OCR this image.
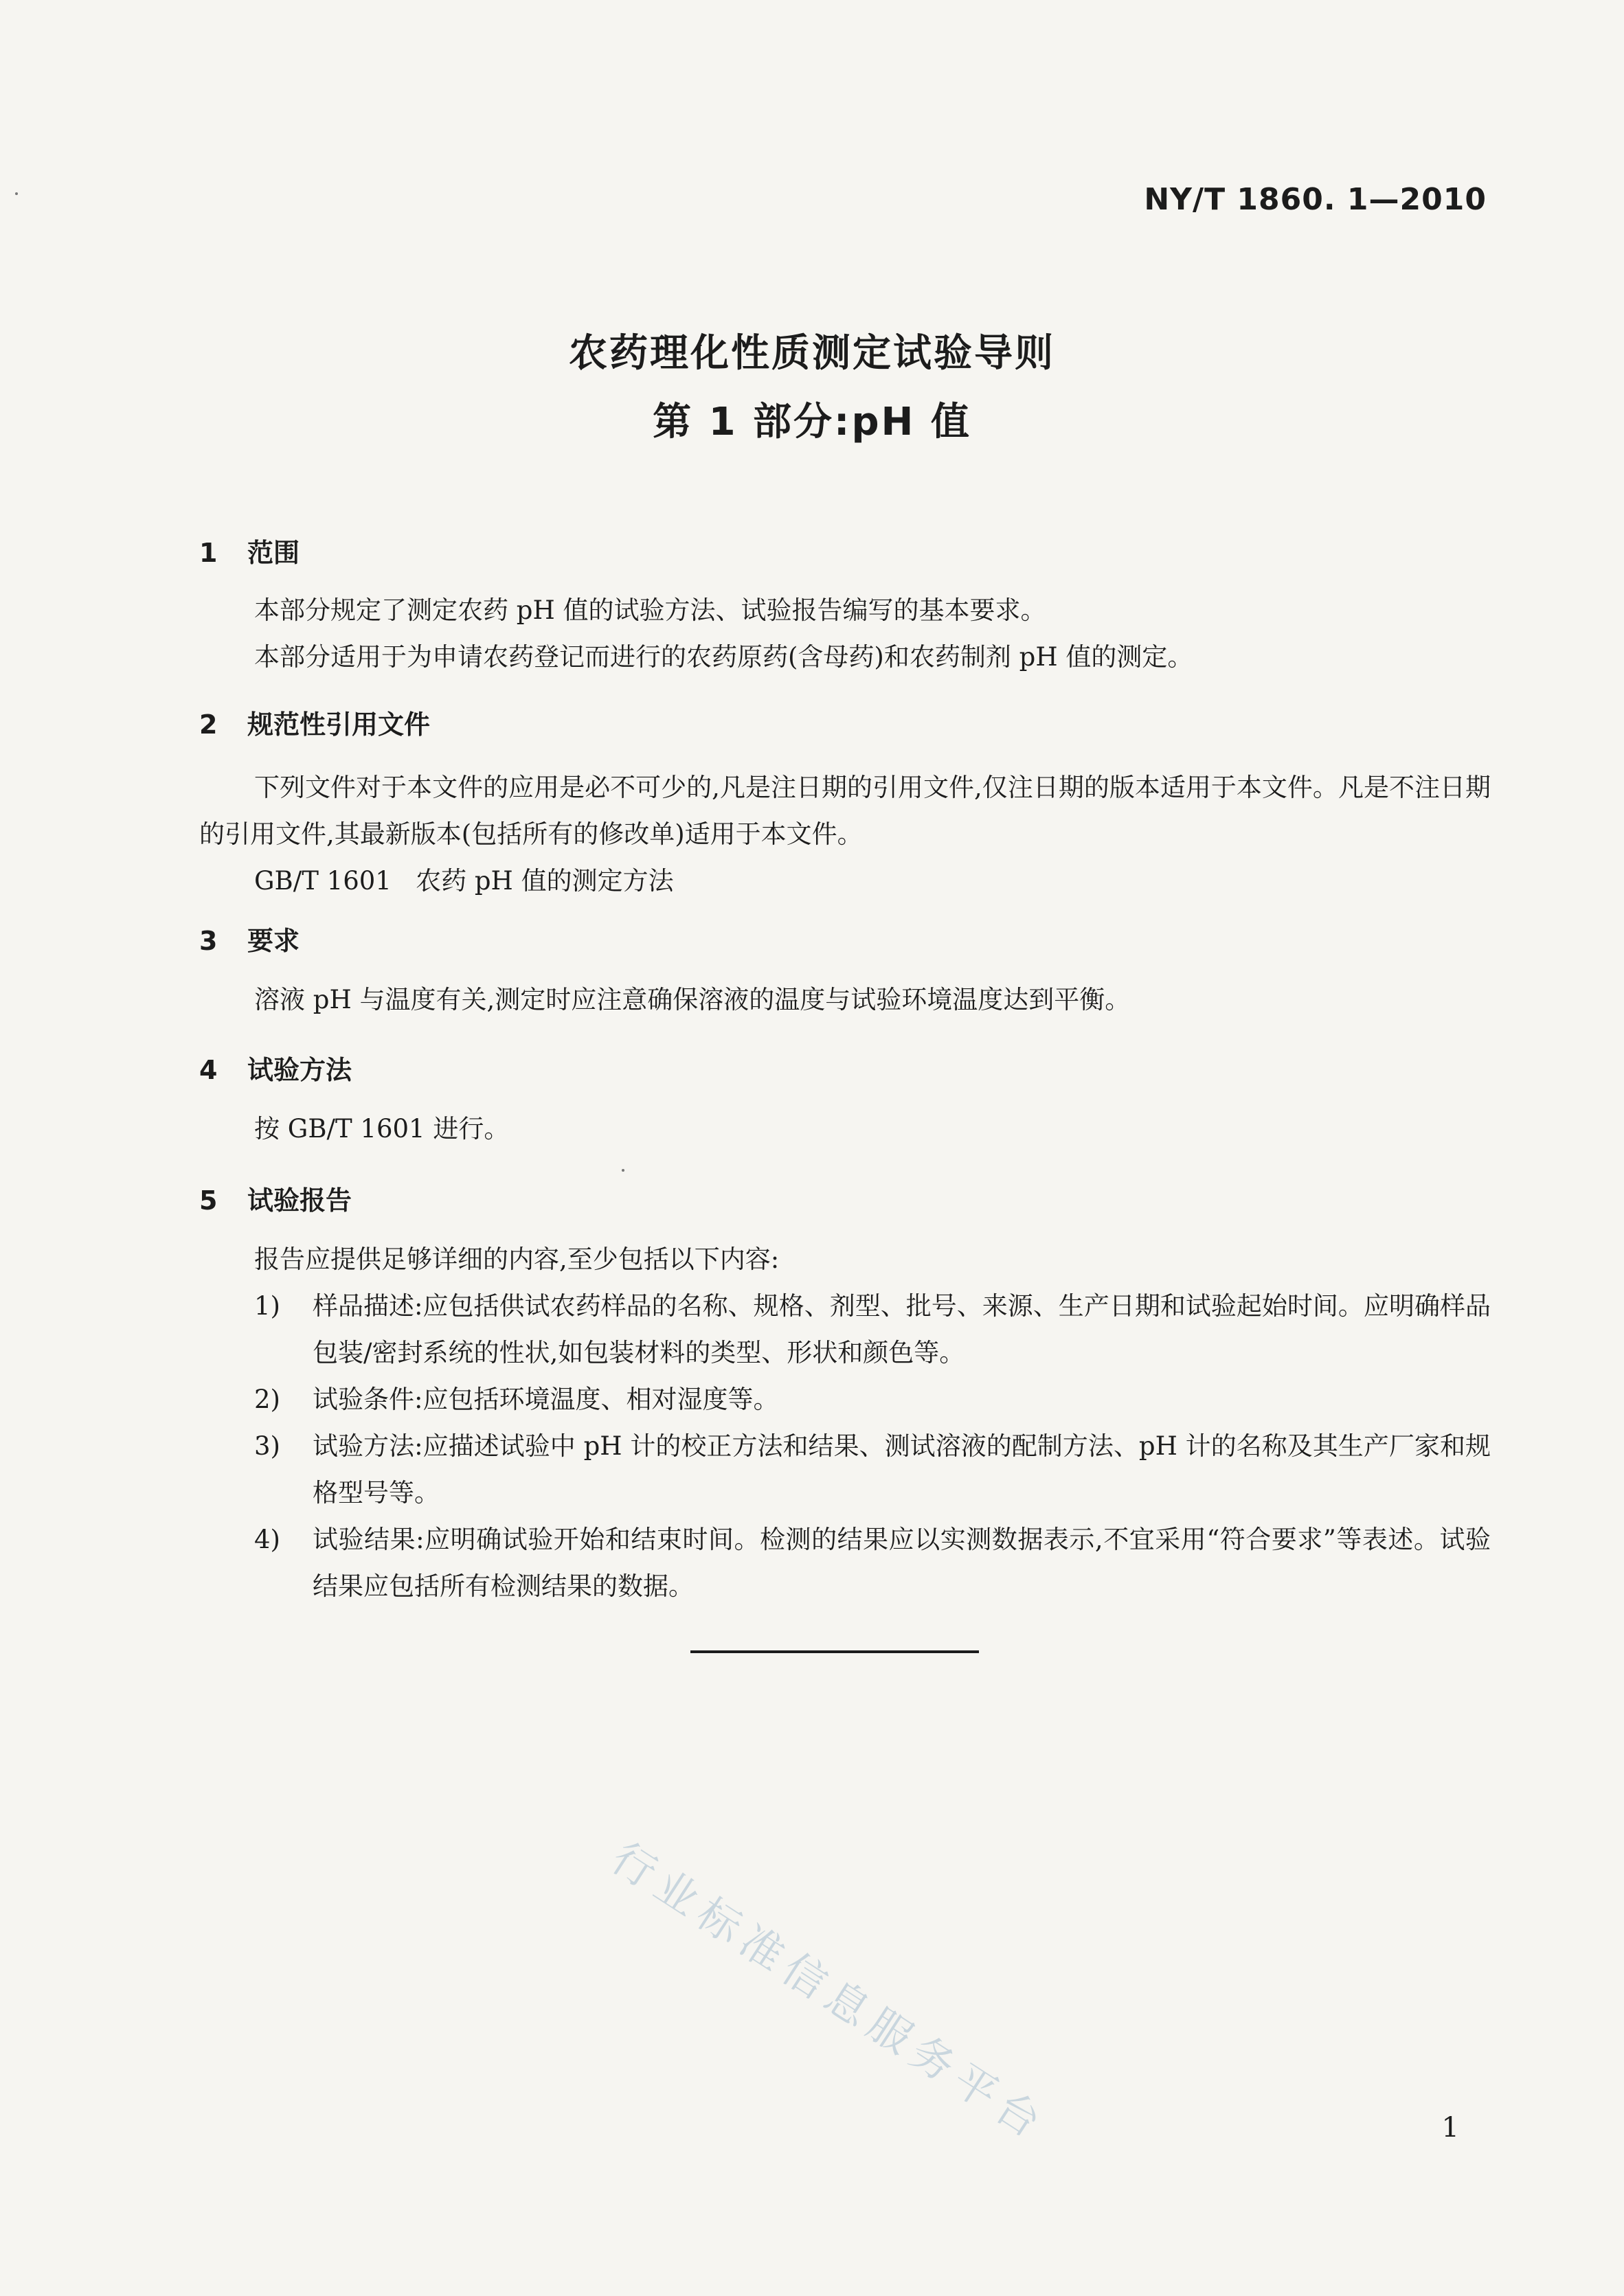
NY/T 1860. 1—2010
农药理化性质测定试验导则
第 1 部分:pH 值
1 范围
本部分规定了测定农药 pH 值的试验方法、试验报告编写的基本要求。
本部分适用于为申请农药登记而进行的农药原药(含母药)和农药制剂 pH 值的测定。
2 规范性引用文件
下列文件对于本文件的应用是必不可少的,凡是注日期的引用文件,仅注日期的版本适用于本文件。凡是不注日期的引用文件,其最新版本(包括所有的修改单)适用于本文件。
GB/T 1601   农药 pH 值的测定方法
3 要求
溶液 pH 与温度有关,测定时应注意确保溶液的温度与试验环境温度达到平衡。
4 试验方法
按 GB/T 1601 进行。
5 试验报告
报告应提供足够详细的内容,至少包括以下内容:
1) 样品描述:应包括供试农药样品的名称、规格、剂型、批号、来源、生产日期和试验起始时间。应明确样品包装/密封系统的性状,如包装材料的类型、形状和颜色等。
2) 试验条件:应包括环境温度、相对湿度等。
3) 试验方法:应描述试验中 pH 计的校正方法和结果、测试溶液的配制方法、pH 计的名称及其生产厂家和规格型号等。
4) 试验结果:应明确试验开始和结束时间。检测的结果应以实测数据表示,不宜采用“符合要求”等表述。试验结果应包括所有检测结果的数据。
行业标准信息服务平台	1
